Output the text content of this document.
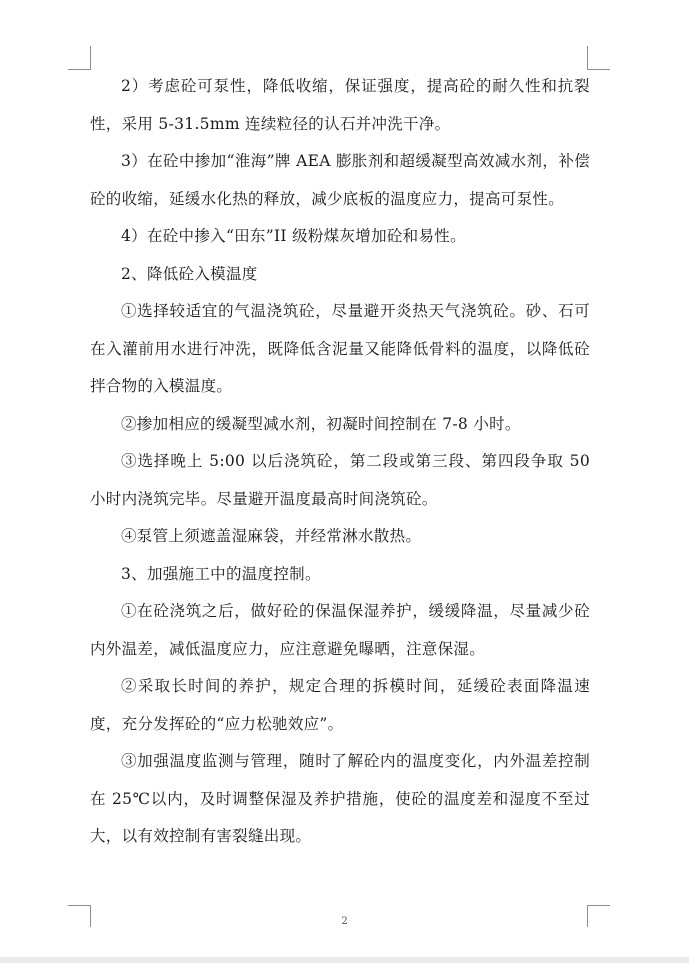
2）考虑砼可泵性，降低收缩，保证强度，提高砼的耐久性和抗裂性，采用 5-31.5mm 连续粒径的认石并冲洗干净。

3）在砼中掺加“淮海”牌 AEA 膨胀剂和超缓凝型高效减水剂，补偿砼的收缩，延缓水化热的释放，减少底板的温度应力，提高可泵性。

4）在砼中掺入“田东”II 级粉煤灰增加砼和易性。

2、降低砼入模温度

①选择较适宜的气温浇筑砼，尽量避开炎热天气浇筑砼。砂、石可在入灌前用水进行冲洗，既降低含泥量又能降低骨料的温度，以降低砼拌合物的入模温度。

②掺加相应的缓凝型减水剂，初凝时间控制在 7-8 小时。

③选择晚上 5:00 以后浇筑砼，第二段或第三段、第四段争取 50 小时内浇筑完毕。尽量避开温度最高时间浇筑砼。

④泵管上须遮盖湿麻袋，并经常淋水散热。

3、加强施工中的温度控制。

①在砼浇筑之后，做好砼的保温保湿养护，缓缓降温，尽量减少砼内外温差，减低温度应力，应注意避免曝晒，注意保湿。

②采取长时间的养护，规定合理的拆模时间，延缓砼表面降温速度，充分发挥砼的“应力松驰效应”。

③加强温度监测与管理，随时了解砼内的温度变化，内外温差控制在 25℃以内，及时调整保湿及养护措施，使砼的温度差和湿度不至过大，以有效控制有害裂缝出现。

2
